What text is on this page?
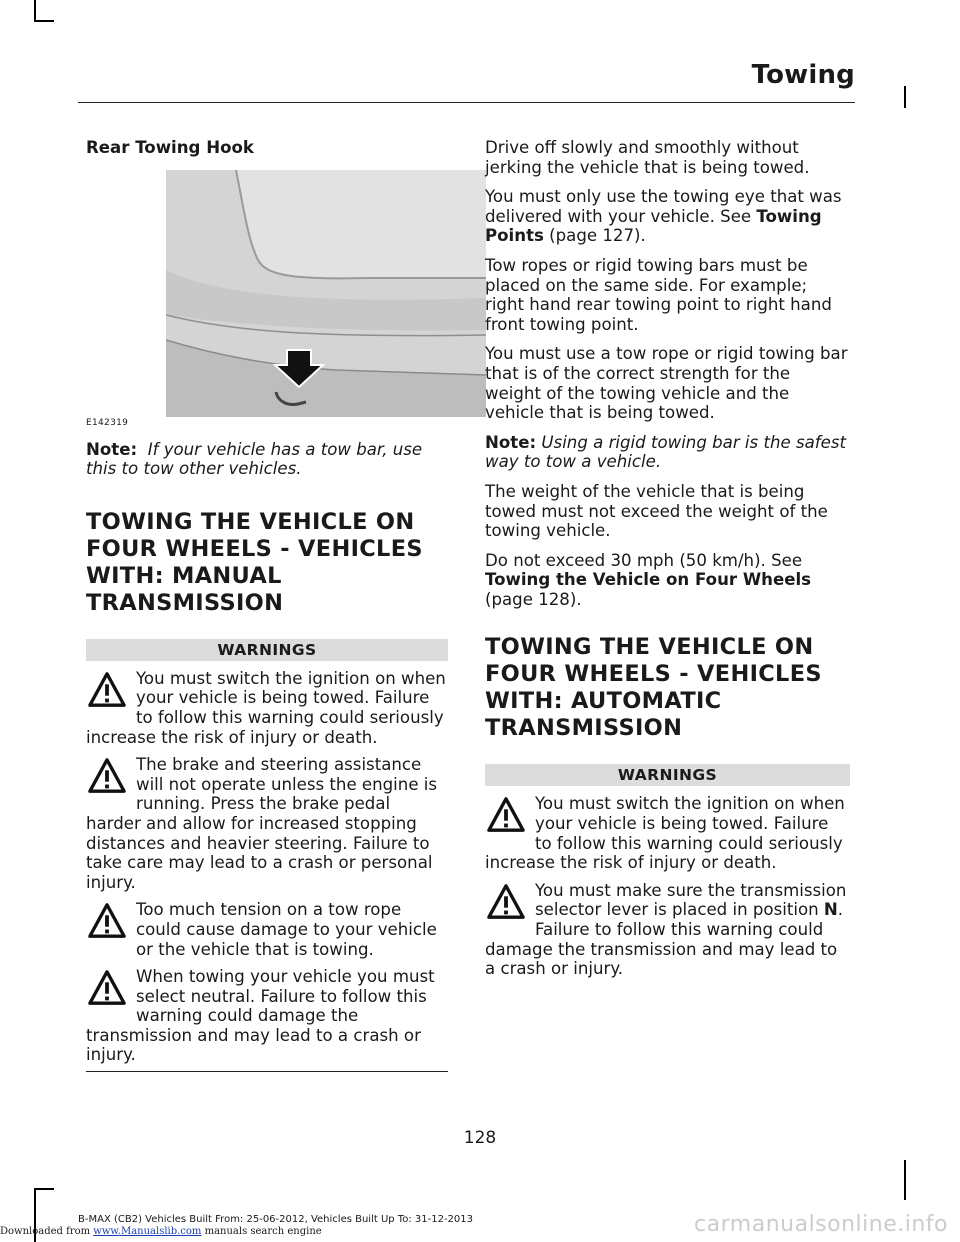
Towing

Rear Towing Hook

E142319

Note: If your vehicle has a tow bar, use this to tow other vehicles.

TOWING THE VEHICLE ON
FOUR WHEELS - VEHICLES
WITH: MANUAL
TRANSMISSION
WARNINGS

You must switch the ignition on when your vehicle is being towed. Failure to follow this warning could seriously increase the risk of injury or death.

The brake and steering assistance will not operate unless the engine is running. Press the brake pedal harder and allow for increased stopping distances and heavier steering. Failure to take care may lead to a crash or personal injury.

Too much tension on a tow rope could cause damage to your vehicle or the vehicle that is towing.

When towing your vehicle you must select neutral. Failure to follow this warning could damage the transmission and may lead to a crash or injury.

Drive off slowly and smoothly without jerking the vehicle that is being towed.

You must only use the towing eye that was delivered with your vehicle. See Towing Points (page 127).

Tow ropes or rigid towing bars must be placed on the same side. For example; right hand rear towing point to right hand front towing point.

You must use a tow rope or rigid towing bar that is of the correct strength for the weight of the towing vehicle and the vehicle that is being towed.

Note: Using a rigid towing bar is the safest way to tow a vehicle.

The weight of the vehicle that is being towed must not exceed the weight of the towing vehicle.

Do not exceed 30 mph (50 km/h). See Towing the Vehicle on Four Wheels (page 128).

TOWING THE VEHICLE ON
FOUR WHEELS - VEHICLES
WITH: AUTOMATIC
TRANSMISSION
WARNINGS

You must switch the ignition on when your vehicle is being towed. Failure to follow this warning could seriously increase the risk of injury or death.

You must make sure the transmission selector lever is placed in position N. Failure to follow this warning could damage the transmission and may lead to a crash or injury.

128
B-MAX (CB2) Vehicles Built From: 25-06-2012, Vehicles Built Up To: 31-12-2013
Downloaded from www.Manualslib.com manuals search engine	carmanualsonline.info
